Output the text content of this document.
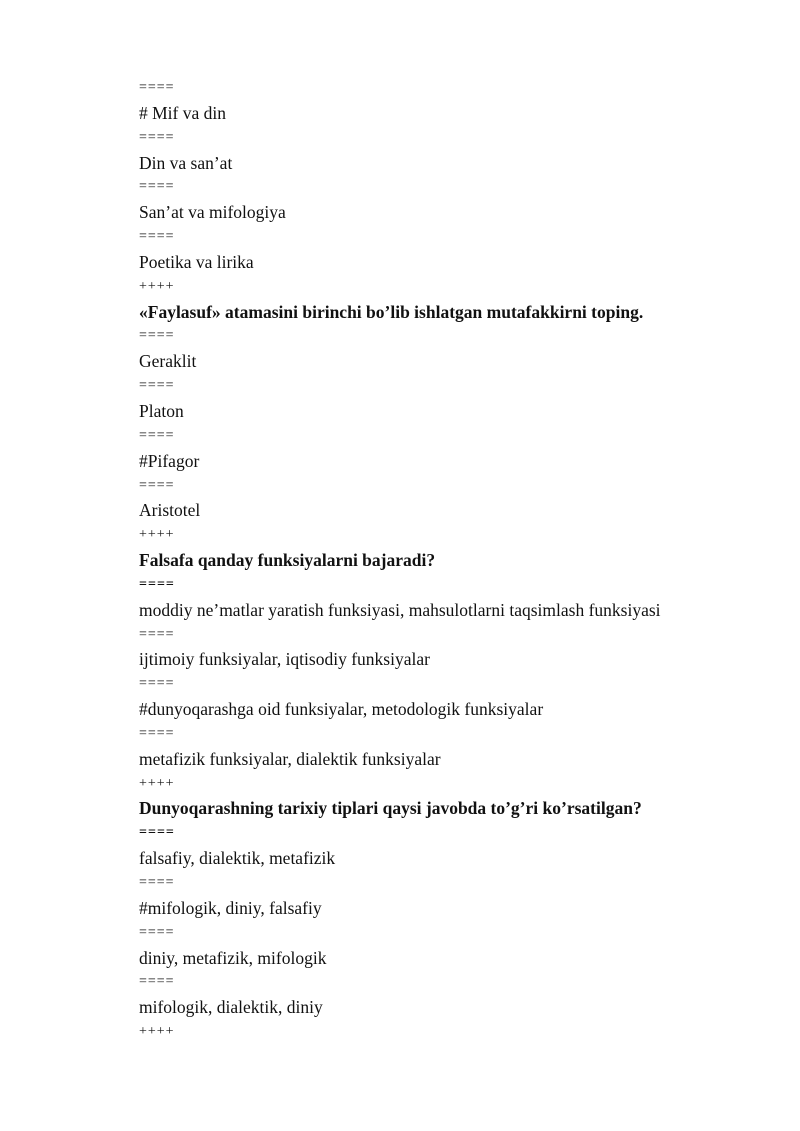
====
# Mif va din
====
Din va san’at
====
San’at va mifologiya
====
Poetika va lirika
++++
«Faylasuf» atamasini birinchi bo’lib ishlatgan mutafakkirni toping.
====
Geraklit
====
Platon
====
#Pifagor
====
Aristotel
++++
Falsafa qanday funksiyalarni bajaradi?
====
moddiy ne’matlar yaratish funksiyasi, mahsulotlarni taqsimlash funksiyasi
====
ijtimoiy funksiyalar, iqtisodiy funksiyalar
====
#dunyoqarashga oid funksiyalar, metodologik funksiyalar
====
metafizik funksiyalar, dialektik funksiyalar
++++
Dunyoqarashning tarixiy tiplari qaysi javobda to’g’ri ko’rsatilgan?
====
falsafiy, dialektik, metafizik
====
#mifologik, diniy, falsafiy
====
diniy, metafizik, mifologik
====
mifologik, dialektik, diniy
++++
